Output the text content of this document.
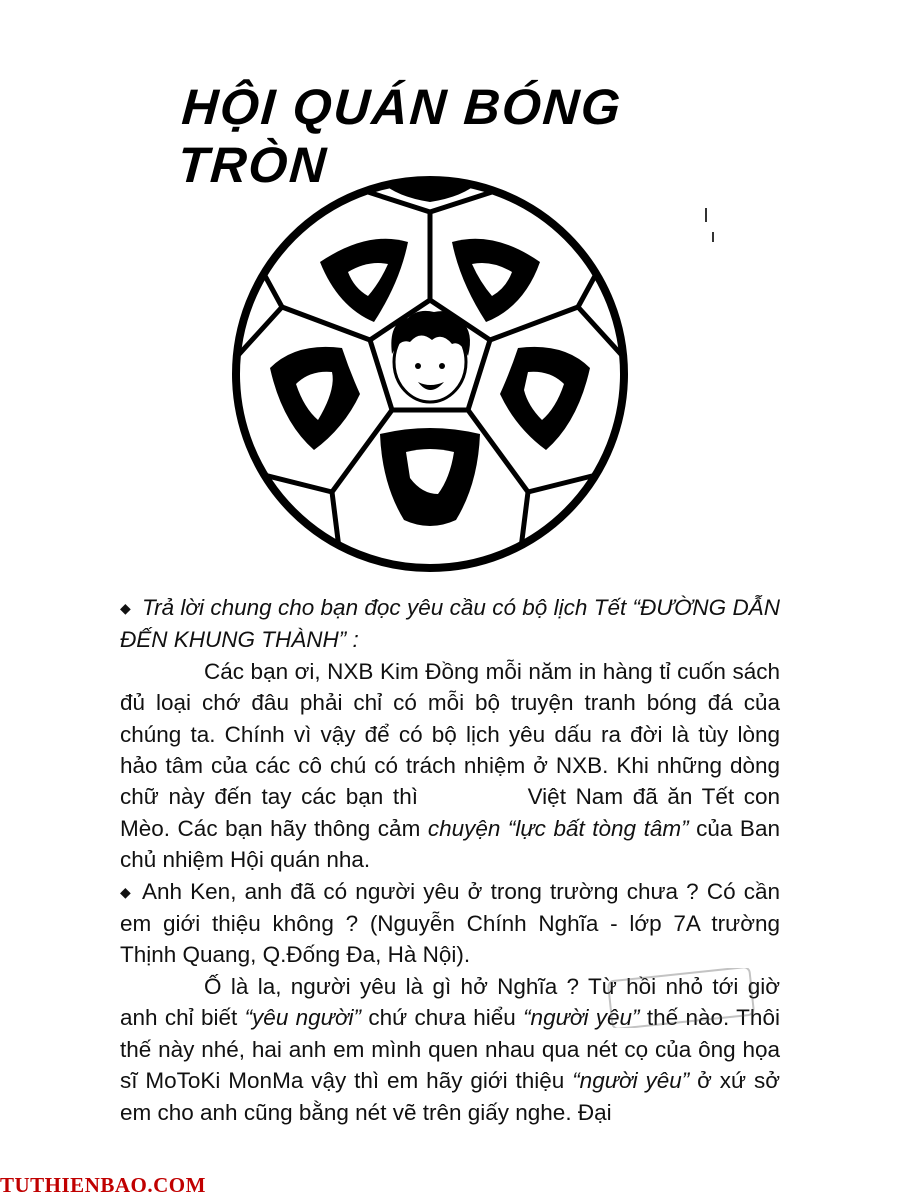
HỘI QUÁN BÓNG TRÒN

◆ Trả lời chung cho bạn đọc yêu cầu có bộ lịch Tết “ĐƯỜNG DẪN ĐẾN KHUNG THÀNH” :

Các bạn ơi, NXB Kim Đồng mỗi năm in hàng tỉ cuốn sách đủ loại chớ đâu phải chỉ có mỗi bộ truyện tranh bóng đá của chúng ta. Chính vì vậy để có bộ lịch yêu dấu ra đời là tùy lòng hảo tâm của các cô chú có trách nhiệm ở NXB. Khi những dòng chữ này đến tay các bạn thì	Việt Nam đã ăn Tết con Mèo. Các bạn hãy thông cảm chuyện “lực bất tòng tâm” của Ban chủ nhiệm Hội quán nha.

◆ Anh Ken, anh đã có người yêu ở trong trường chưa ? Có cần em giới thiệu không ? (Nguyễn Chính Nghĩa - lớp 7A trường Thịnh Quang, Q.Đống Đa, Hà Nội).

Ố là la, người yêu là gì hở Nghĩa ? Từ hồi nhỏ tới giờ anh chỉ biết “yêu người” chứ chưa hiểu “người yêu” thế nào. Thôi thế này nhé, hai anh em mình quen nhau qua nét cọ của ông họa sĩ MoToKi MonMa vậy thì em hãy giới thiệu “người yêu” ở xứ sở em cho anh cũng bằng nét vẽ trên giấy nghe. Đại

TUTHIENBAO.COM
